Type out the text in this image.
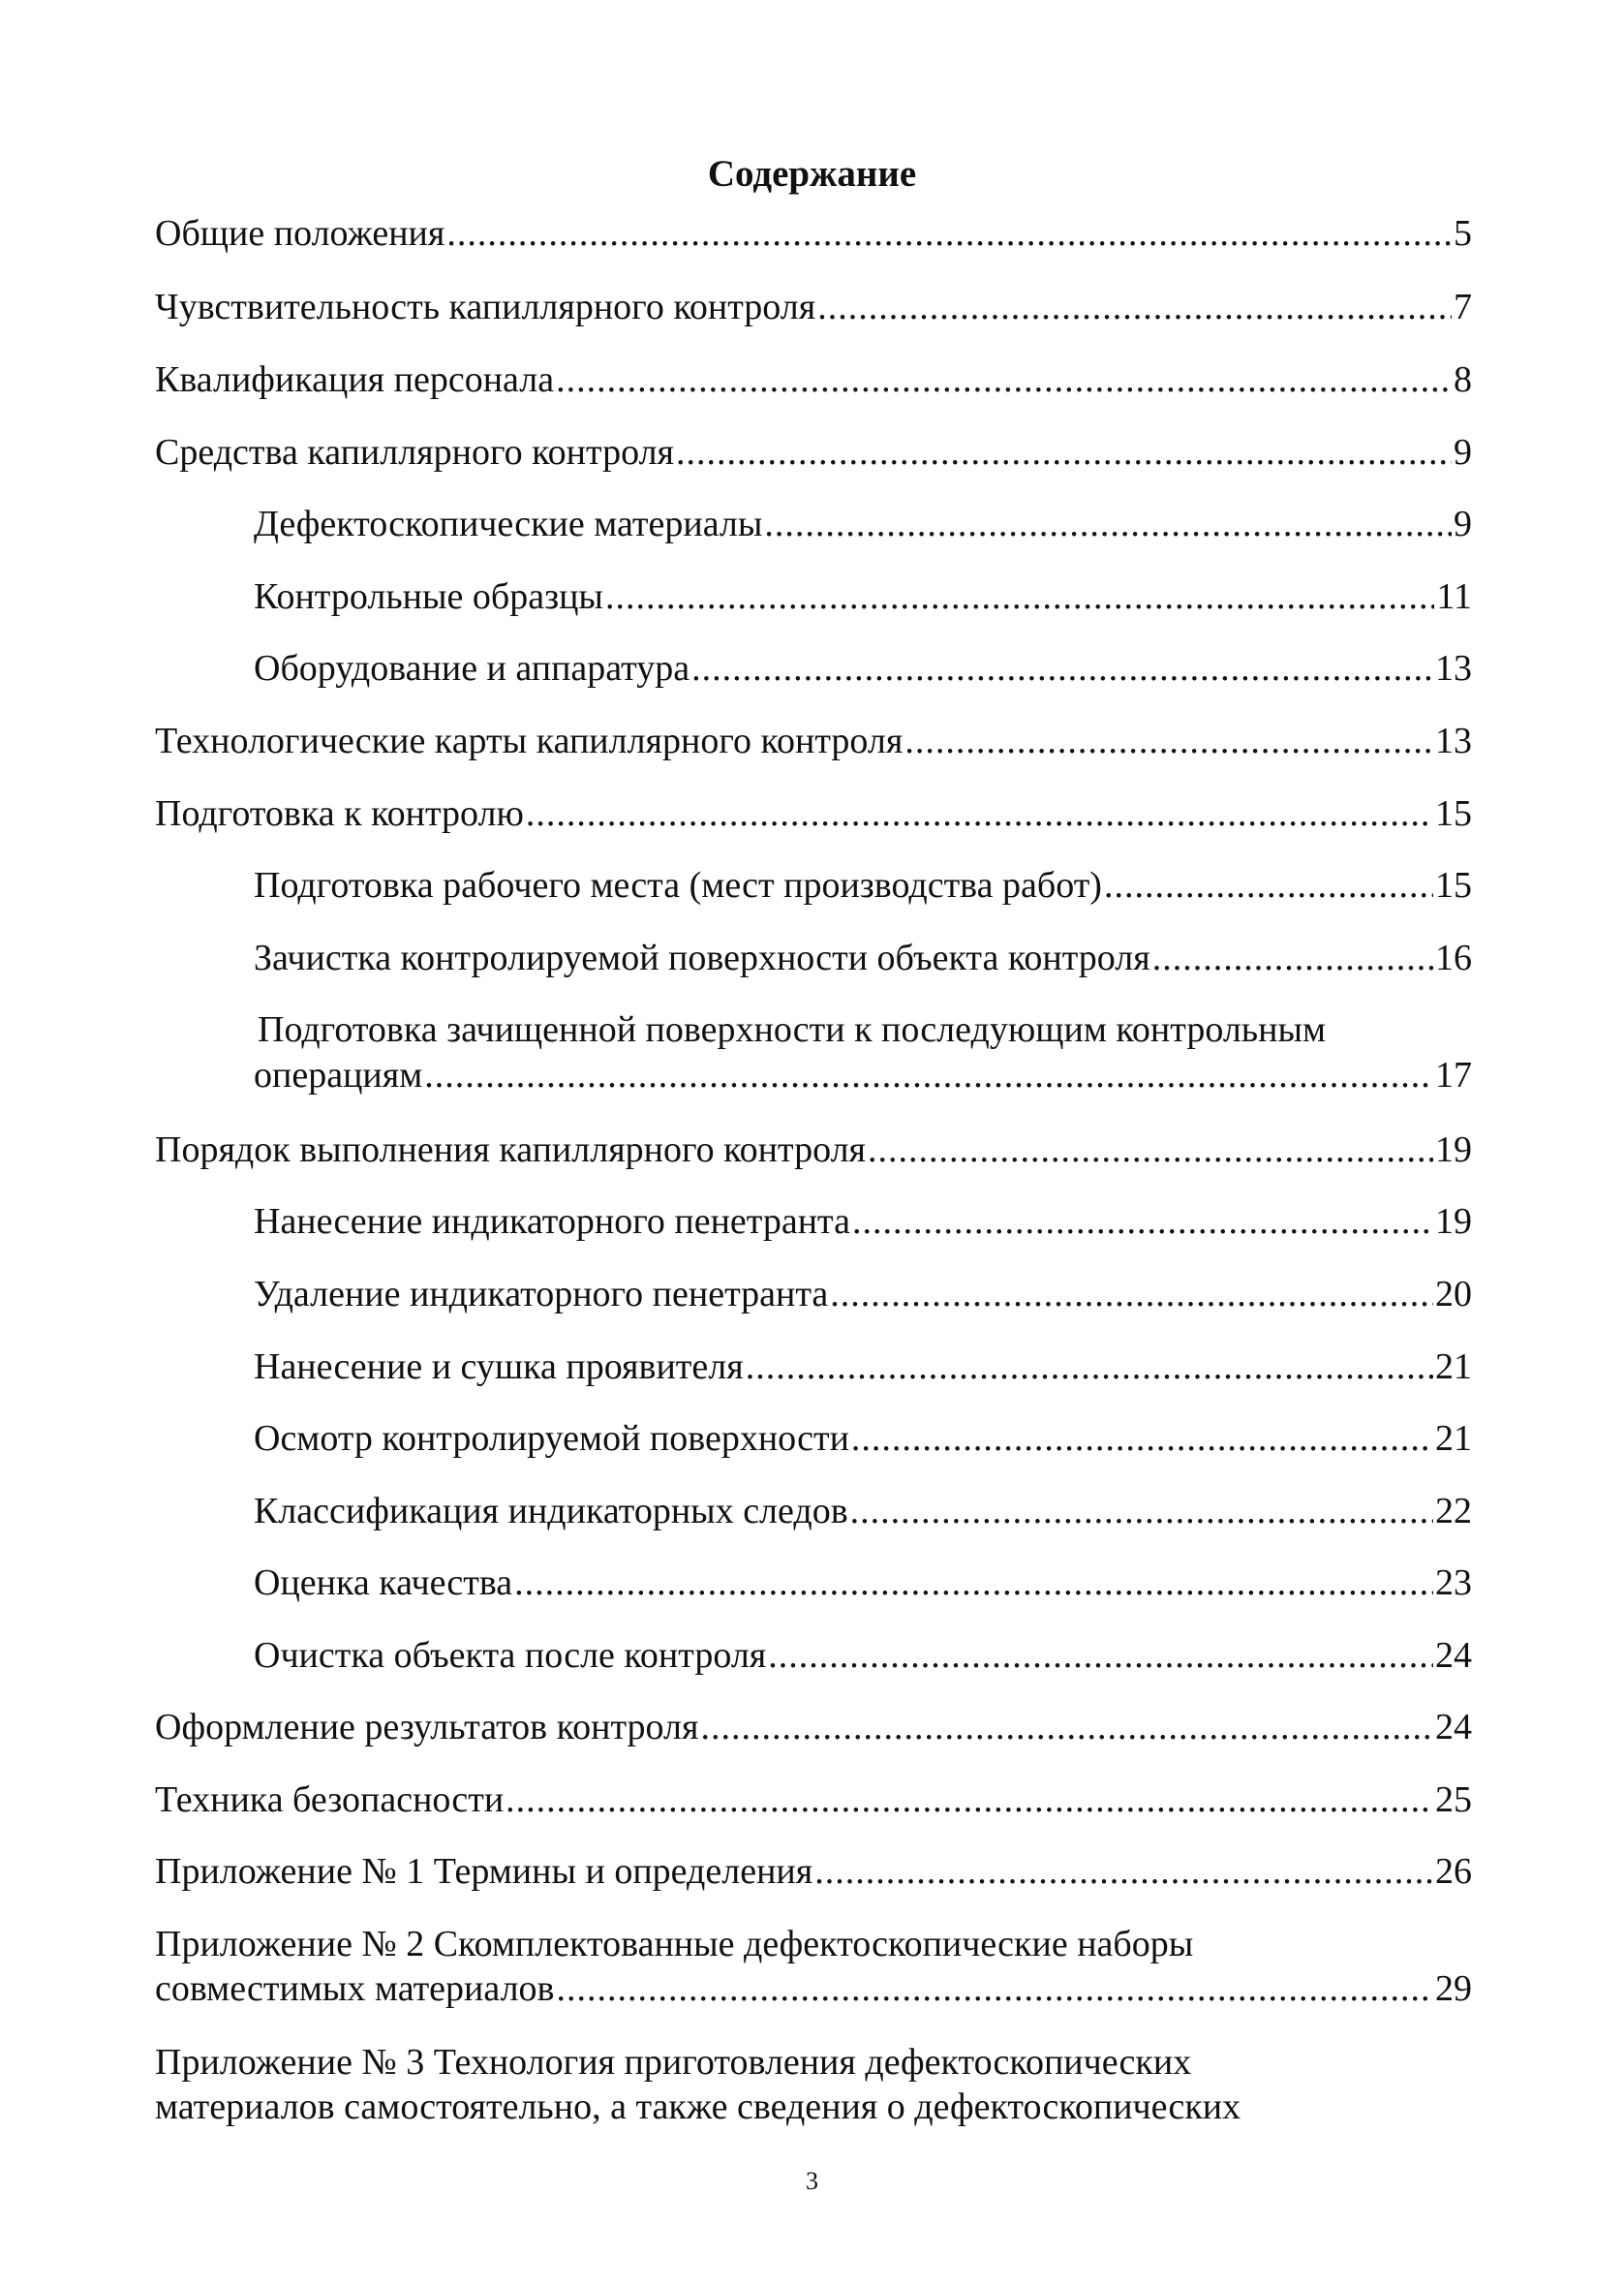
Содержание
Общие положения .....	5
Чувствительность капиллярного контроля .....	7
Квалификация персонала .....	8
Средства капиллярного контроля .....	9
Дефектоскопические материалы .....	9
Контрольные образцы .....	11
Оборудование и аппаратура .....	13
Технологические карты капиллярного контроля .....	13
Подготовка к контролю .....	15
Подготовка рабочего места (мест производства работ) .....	15
Зачистка контролируемой поверхности объекта контроля .....	16
Подготовка зачищенной поверхности к последующим контрольным
операциям .....	17
Порядок выполнения капиллярного контроля .....	19
Нанесение индикаторного пенетранта .....	19
Удаление индикаторного пенетранта .....	20
Нанесение и сушка проявителя .....	21
Осмотр контролируемой поверхности .....	21
Классификация индикаторных следов .....	22
Оценка качества .....	23
Очистка объекта после контроля .....	24
Оформление результатов контроля .....	24
Техника безопасности .....	25
Приложение № 1 Термины и определения .....	26
Приложение № 2 Скомплектованные дефектоскопические наборы
совместимых материалов .....	29
Приложение № 3 Технология приготовления дефектоскопических
материалов самостоятельно, а также сведения о дефектоскопических
3
